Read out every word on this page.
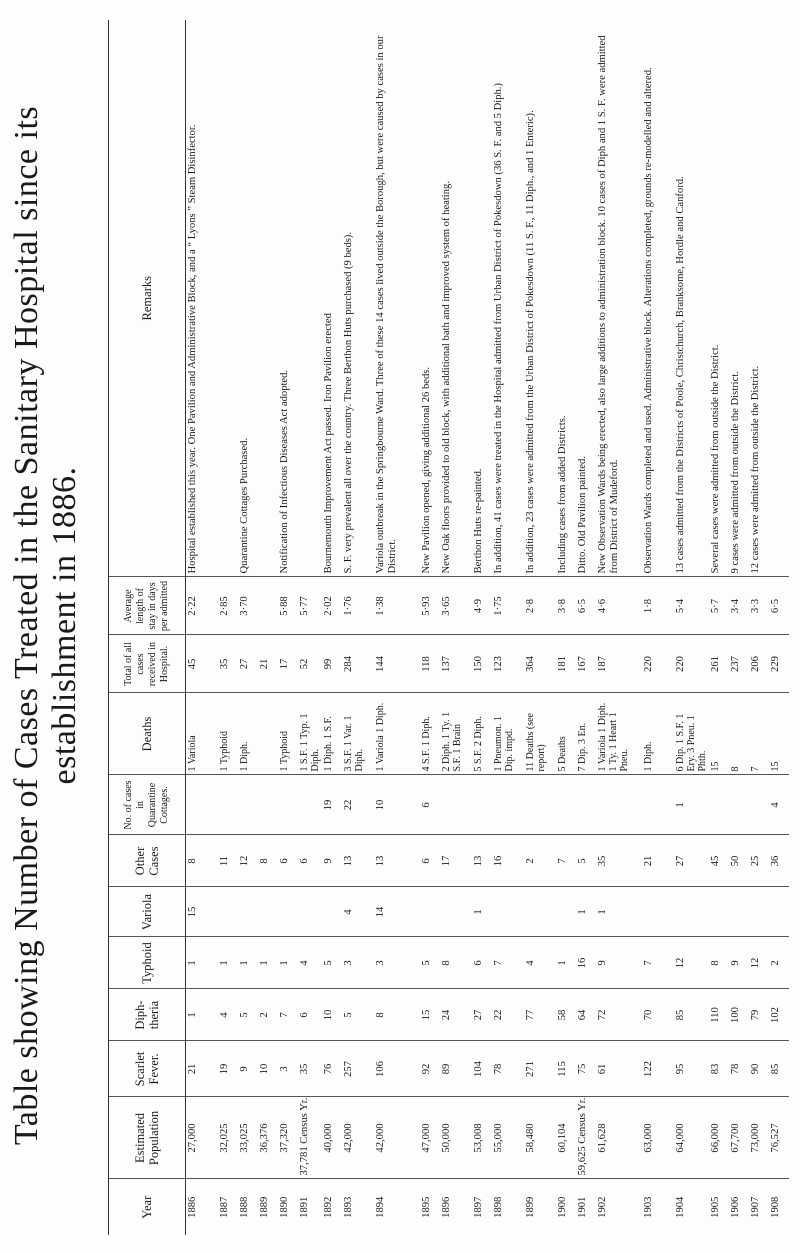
Table showing Number of Cases Treated in the Sanitary Hospital since its establishment in 1886.
Year	Estimated Population	Scarlet Fever.	Diph-theria	Typhoid	Variola	Other Cases	No. of cases in Quarantine Cottages.	Deaths	Total of all cases received in Hospital.	Average length of stay in days per admitted	Remarks
1886	27,000	21	1	1	15	8		1 Variola	45	2·22	Hospital established this year. One Pavilion and Administrative Block, and a “ Lyons ” Steam Disinfector.
1887	32,025	19	4	1		11		1 Typhoid	35	2·85	
1888	33,025	9	5	1		12		1 Diph.	27	3·70	Quarantine Cottages Purchased.
1889	36,376	10	2	1		8			21		
1890	37,320	3	7	1		6		1 Typhoid	17	5·88	Notification of Infectious Diseases Act adopted.
1891	37,781 Census Yr.	35	6	4		6		1 S.F. 1 Typ. 1 Diph.	52	5·77	
1892	40,000	76	10	5		9	19	1 Diph. 1 S.F.	99	2·02	Bournemouth Improvement Act passed. Iron Pavilion erected
1893	42,000	257	5	3	4	13	22	3 S.F. 1 Var. 1 Diph.	284	1·76	S. F. very prevalent all over the country. Three Berthon Huts purchased (9 beds).
1894	42,000	106	8	3	14	13	10	1 Variola 1 Diph.	144	1·38	Variola outbreak in the Springbourne Ward. Three of these 14 cases lived outside the Borough, but were caused by cases in our District.
1895	47,000	92	15	5		6	6	4 S.F. 1 Diph.	118	5·93	New Pavilion opened, giving additional 26 beds.
1896	50,000	89	24	8		17		2 Diph. 1 Ty. 1 S.F. 1 Brain	137	3·65	New Oak floors provided to old block, with additional bath and improved system of heating.
1897	53,008	104	27	6	1	13		5 S.F. 2 Diph.	150	4·9	Berthon Huts re-painted.
1898	55,000	78	22	7		16		1 Pneumon. 1 Dip. impd.	123	1·75	In addition, 41 cases were treated in the Hospital admitted from Urban District of Pokesdown (36 S. F. and 5 Diph.)
1899	58,480	271	77	4		2		11 Deaths (see report)	364	2·8	In addition, 23 cases were admitted from the Urban District of Pokesdown (11 S. F., 11 Diph., and 1 Enteric).
1900	60,104	115	58	1		7		5 Deaths	181	3·8	Including cases from added Districts.
1901	59,625 Census Yr.	75	64	16	1	5		7 Dip. 3 En.	167	6·5	Ditto. Old Pavilion painted.
1902	61,628	61	72	9	1	35		1 Variola 1 Diph. 1 Ty. 1 Heart 1 Pneu.	187	4·6	New Observation Wards being erected, also large additions to administration block. 10 cases of Diph and 1 S. F. were admitted from District of Mudeford.
1903	63,000	122	70	7		21		1 Diph.	220	1·8	Observation Wards completed and used. Administrative block. Alterations completed, grounds re-modelled and altered.
1904	64,000	95	85	12		27	1	6 Dip. 1 S.F. 1 Ery. 3 Pneu. 1 Phth.	220	5·4	13 cases admitted from the Districts of Poole, Christchurch, Branksome, Hordle and Canford.
1905	66,000	83	110	8		45		15	261	5·7	Several cases were admitted from outside the District.
1906	67,700	78	100	9		50		8	237	3·4	9 cases were admitted from outside the District.
1907	73,000	90	79	12		25		7	206	3·3	12 cases were admitted from outside the District.
1908	76,527	85	102	2		36	4	15	229	6·5	
